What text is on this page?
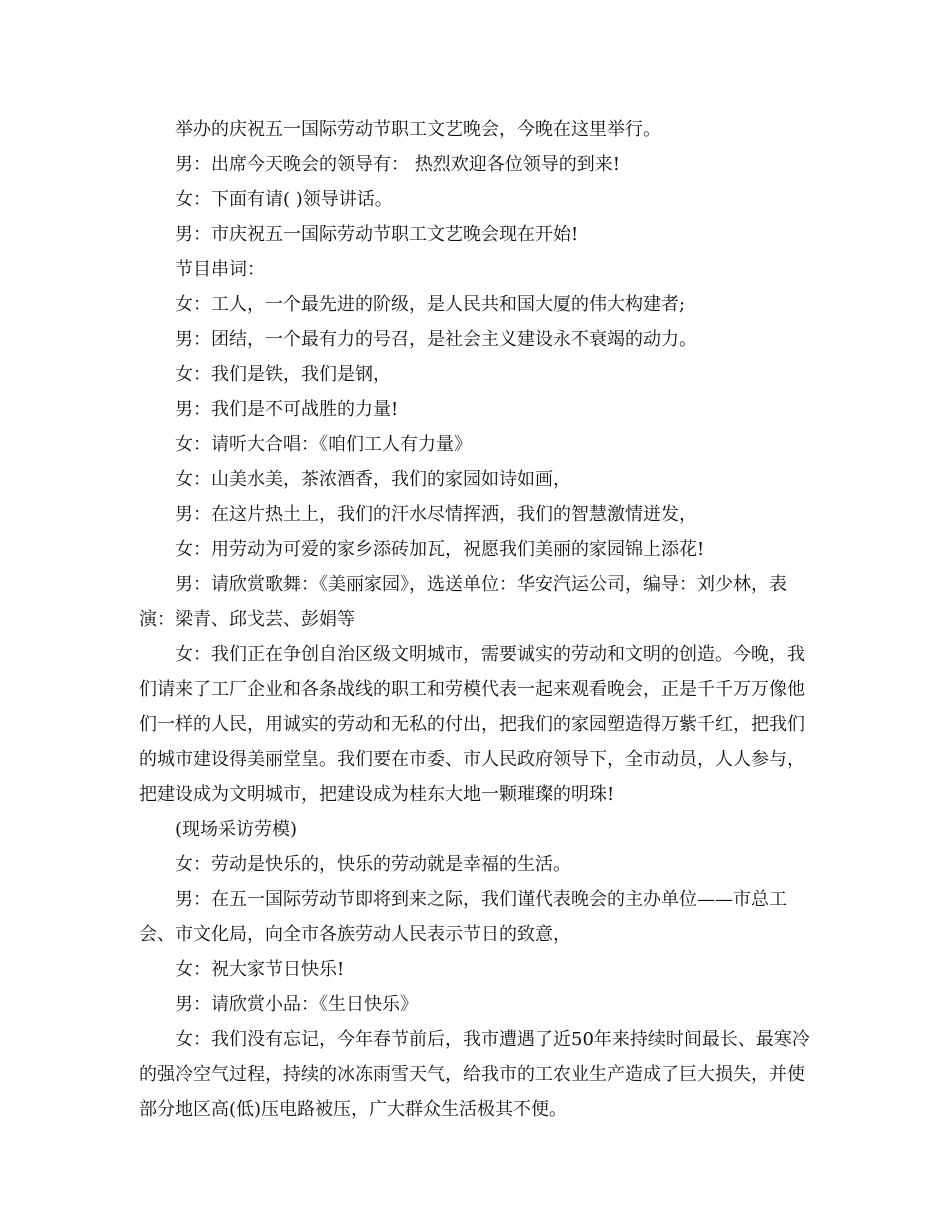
举办的庆祝五一国际劳动节职工文艺晚会，今晚在这里举行。

男：出席今天晚会的领导有： 热烈欢迎各位领导的到来!

女：下面有请( )领导讲话。

男：市庆祝五一国际劳动节职工文艺晚会现在开始!

节目串词：

女：工人，一个最先进的阶级，是人民共和国大厦的伟大构建者;

男：团结，一个最有力的号召，是社会主义建设永不衰竭的动力。

女：我们是铁，我们是钢，

男：我们是不可战胜的力量!

女：请听大合唱：《咱们工人有力量》

女：山美水美，茶浓酒香，我们的家园如诗如画，

男：在这片热土上，我们的汗水尽情挥洒，我们的智慧激情迸发，

女：用劳动为可爱的家乡添砖加瓦，祝愿我们美丽的家园锦上添花!

男：请欣赏歌舞：《美丽家园》，选送单位：华安汽运公司，编导：刘少林，表演：梁青、邱戈芸、彭娟等

女：我们正在争创自治区级文明城市，需要诚实的劳动和文明的创造。今晚，我们请来了工厂企业和各条战线的职工和劳模代表一起来观看晚会，正是千千万万像他们一样的人民，用诚实的劳动和无私的付出，把我们的家园塑造得万紫千红，把我们的城市建设得美丽堂皇。我们要在市委、市人民政府领导下，全市动员，人人参与，把建设成为文明城市，把建设成为桂东大地一颗璀璨的明珠!

(现场采访劳模)

女：劳动是快乐的，快乐的劳动就是幸福的生活。

男：在五一国际劳动节即将到来之际，我们谨代表晚会的主办单位——市总工会、市文化局，向全市各族劳动人民表示节日的致意，

女：祝大家节日快乐!

男：请欣赏小品：《生日快乐》

女：我们没有忘记，今年春节前后，我市遭遇了近50年来持续时间最长、最寒冷的强冷空气过程，持续的冰冻雨雪天气，给我市的工农业生产造成了巨大损失，并使部分地区高(低)压电路被压，广大群众生活极其不便。
